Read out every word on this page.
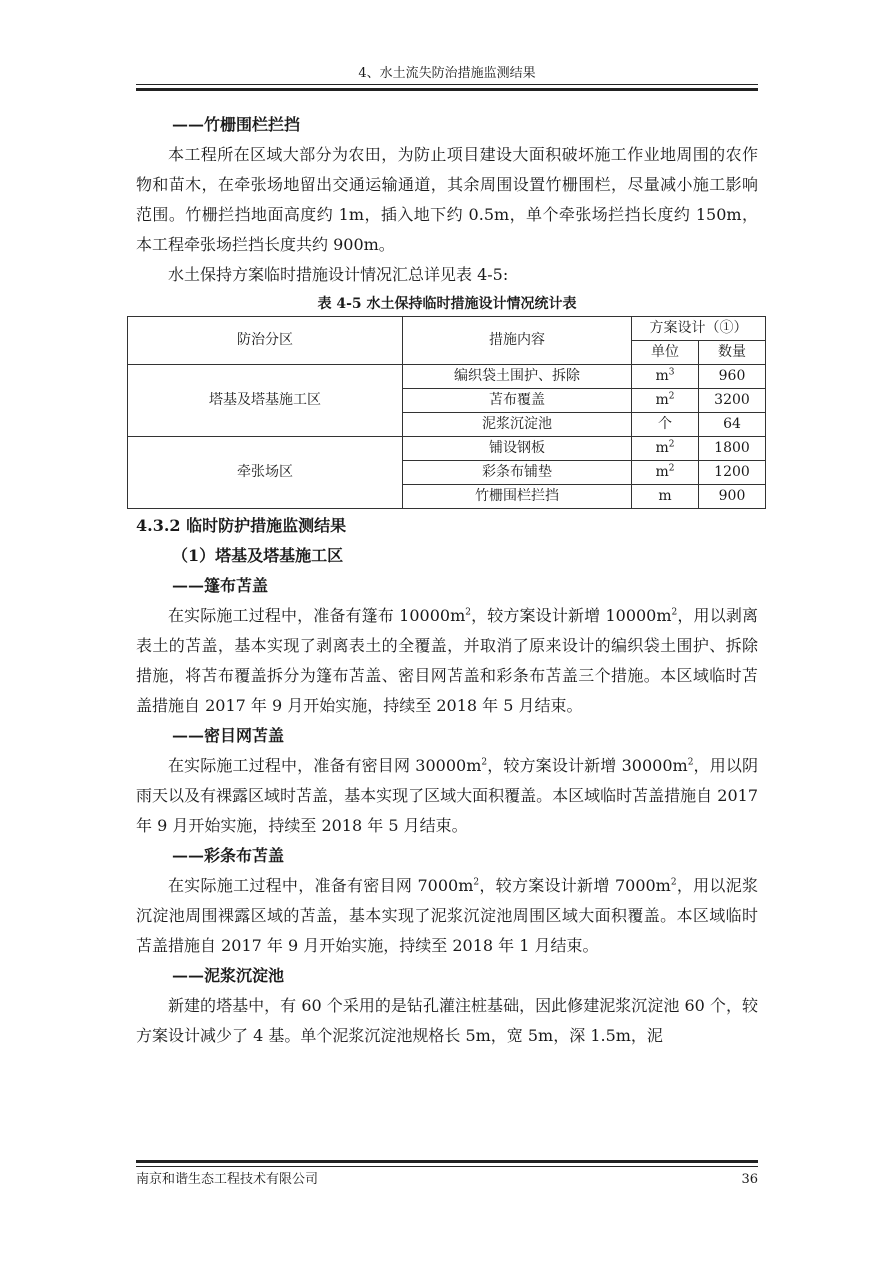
4、水土流失防治措施监测结果

——竹栅围栏拦挡

本工程所在区域大部分为农田，为防止项目建设大面积破坏施工作业地周围的农作物和苗木，在牵张场地留出交通运输通道，其余周围设置竹栅围栏，尽量减小施工影响范围。竹栅拦挡地面高度约 1m，插入地下约 0.5m，单个牵张场拦挡长度约 150m，本工程牵张场拦挡长度共约 900m。

水土保持方案临时措施设计情况汇总详见表 4-5:

表 4-5 水土保持临时措施设计情况统计表

防治分区	措施内容	方案设计（①）	
		单位	数量
塔基及塔基施工区	编织袋土围护、拆除	$m^3$	960
	苫布覆盖	$m^2$	3200
	泥浆沉淀池	个	64
牵张场区	铺设钢板	$m^2$	1800
	彩条布铺垫	$m^2$	1200
	竹栅围栏拦挡	m	900

4.3.2 临时防护措施监测结果

（1）塔基及塔基施工区

——篷布苫盖

在实际施工过程中，准备有篷布 $10000m^2$，较方案设计新增 $10000m^2$，用以剥离表土的苫盖，基本实现了剥离表土的全覆盖，并取消了原来设计的编织袋土围护、拆除措施，将苫布覆盖拆分为篷布苫盖、密目网苫盖和彩条布苫盖三个措施。本区域临时苫盖措施自 2017 年 9 月开始实施，持续至 2018 年 5 月结束。

——密目网苫盖

在实际施工过程中，准备有密目网 $30000m^2$，较方案设计新增 $30000m^2$，用以阴雨天以及有裸露区域时苫盖，基本实现了区域大面积覆盖。本区域临时苫盖措施自 2017 年 9 月开始实施，持续至 2018 年 5 月结束。

——彩条布苫盖

在实际施工过程中，准备有密目网 $7000m^2$，较方案设计新增 $7000m^2$，用以泥浆沉淀池周围裸露区域的苫盖，基本实现了泥浆沉淀池周围区域大面积覆盖。本区域临时苫盖措施自 2017 年 9 月开始实施，持续至 2018 年 1 月结束。

——泥浆沉淀池

新建的塔基中，有 60 个采用的是钻孔灌注桩基础，因此修建泥浆沉淀池 60 个，较方案设计减少了 4 基。单个泥浆沉淀池规格长 5m，宽 5m，深 1.5m，泥

南京和谐生态工程技术有限公司	36
